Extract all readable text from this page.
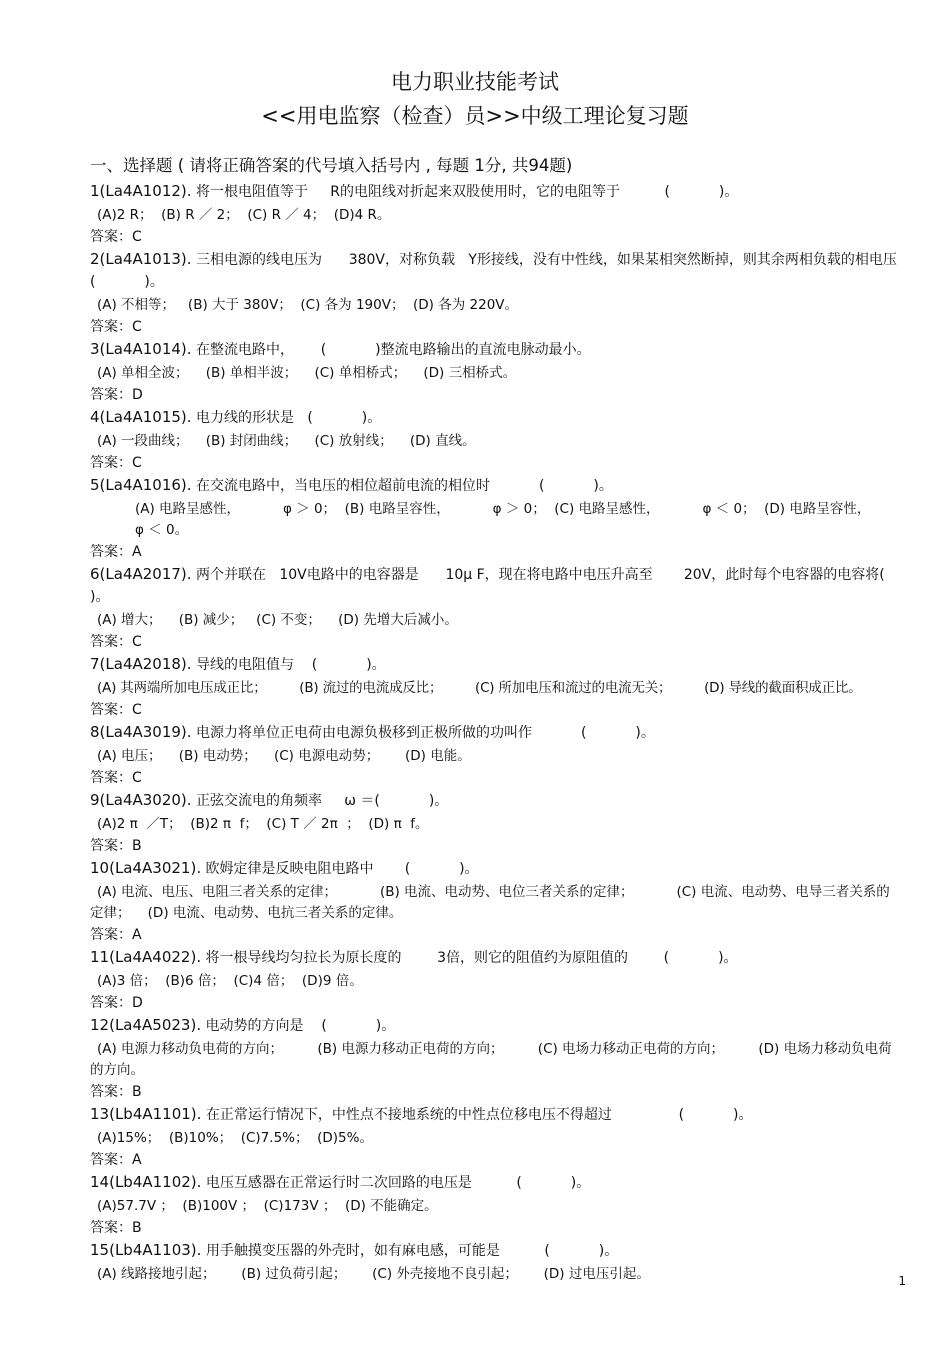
电力职业技能考试
<<用电监察（检查）员>>中级工理论复习题
一、选择题 ( 请将正确答案的代号填入括号内 , 每题 1分, 共94题)
1(La4A1012). 将一根电阻值等于     R的电阻线对折起来双股使用时，它的电阻等于          (           )。
(A)2 R；  (B) R ／ 2；  (C) R ／ 4；  (D)4 R。
答案：C
2(La4A1013). 三相电源的线电压为      380V，对称负载   Y形接线，没有中性线，如果某相突然断掉，则其余两相负载的相电压  (           )。
(A) 不相等；   (B) 大于 380V；  (C) 各为 190V；  (D) 各为 220V。
答案：C
3(La4A1014). 在整流电路中，      (           )整流电路输出的直流电脉动最小。
(A) 单相全波；    (B) 单相半波；    (C) 单相桥式；    (D) 三相桥式。
答案：D
4(La4A1015). 电力线的形状是   (           )。
(A) 一段曲线；    (B) 封闭曲线；    (C) 放射线；    (D) 直线。
答案：C
5(La4A1016). 在交流电路中，当电压的相位超前电流的相位时           (           )。
(A) 电路呈感性，          φ ＞ 0；  (B) 电路呈容性，          φ ＞ 0；  (C) 电路呈感性，          φ ＜ 0；  (D) 电路呈容性，          φ ＜ 0。
答案：A
6(La4A2017). 两个并联在   10V电路中的电容器是      10μ F，现在将电路中电压升高至       20V，此时每个电容器的电容将(           )。
(A) 增大；    (B) 减少；   (C) 不变；    (D) 先增大后减小。
答案：C
7(La4A2018). 导线的电阻值与    (           )。
(A) 其两端所加电压成正比；        (B) 流过的电流成反比；        (C) 所加电压和流过的电流无关；        (D) 导线的截面积成正比。
答案：C
8(La4A3019). 电源力将单位正电荷由电源负极移到正极所做的功叫作           (           )。
(A) 电压；    (B) 电动势；    (C) 电源电动势；      (D) 电能。
答案：C
9(La4A3020). 正弦交流电的角频率     ω ＝(           )。
(A)2 π  ／T；  (B)2 π  f；  (C) T ／ 2π  ；  (D) π  f。
答案：B
10(La4A3021). 欧姆定律是反映电阻电路中       (           )。
(A) 电流、电压、电阻三者关系的定律；          (B) 电流、电动势、电位三者关系的定律；          (C) 电流、电动势、电导三者关系的定律；    (D) 电流、电动势、电抗三者关系的定律。
答案：A
11(La4A4022). 将一根导线均匀拉长为原长度的        3倍，则它的阻值约为原阻值的        (           )。
(A)3 倍；  (B)6 倍；  (C)4 倍；  (D)9 倍。
答案：D
12(La4A5023). 电动势的方向是    (           )。
(A) 电源力移动负电荷的方向；        (B) 电源力移动正电荷的方向；        (C) 电场力移动正电荷的方向；        (D) 电场力移动负电荷的方向。
答案：B
13(Lb4A1101). 在正常运行情况下，中性点不接地系统的中性点位移电压不得超过               (           )。
(A)15%；  (B)10%；  (C)7.5%；  (D)5%。
答案：A
14(Lb4A1102). 电压互感器在正常运行时二次回路的电压是          (           )。
(A)57.7V ；  (B)100V ；  (C)173V ；  (D) 不能确定。
答案：B
15(Lb4A1103). 用手触摸变压器的外壳时，如有麻电感，可能是          (           )。
(A) 线路接地引起；      (B) 过负荷引起；      (C) 外壳接地不良引起；      (D) 过电压引起。	1
